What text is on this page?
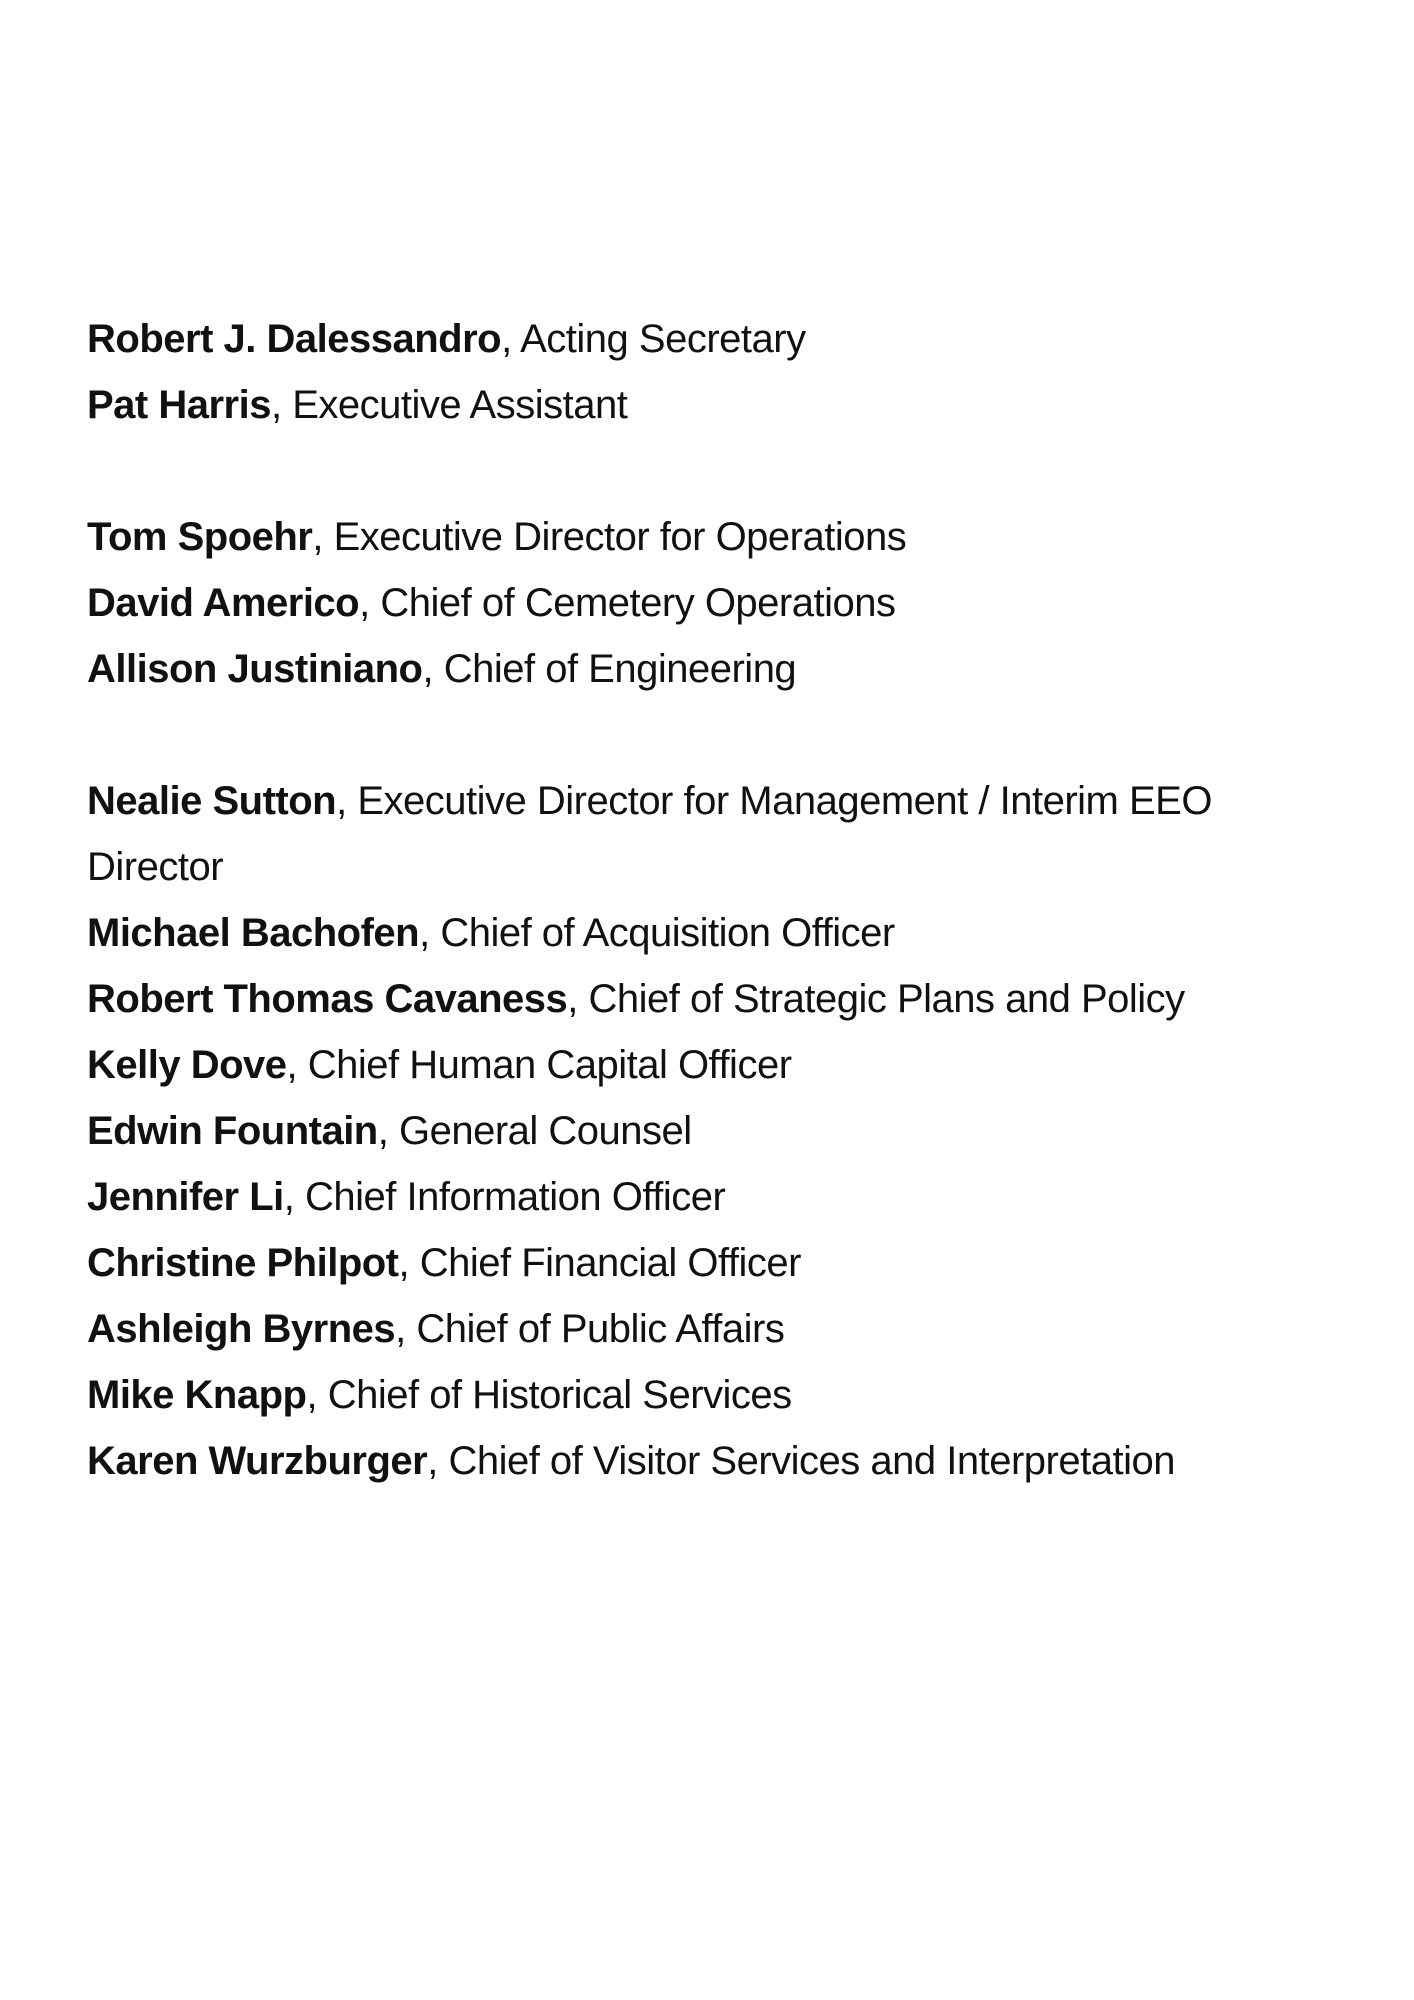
Robert J. Dalessandro, Acting Secretary

Pat Harris, Executive Assistant

Tom Spoehr, Executive Director for Operations

David Americo, Chief of Cemetery Operations

Allison Justiniano, Chief of Engineering

Nealie Sutton, Executive Director for Management / Interim EEO Director

Michael Bachofen, Chief of Acquisition Officer

Robert Thomas Cavaness, Chief of Strategic Plans and Policy

Kelly Dove, Chief Human Capital Officer

Edwin Fountain, General Counsel

Jennifer Li, Chief Information Officer

Christine Philpot, Chief Financial Officer

Ashleigh Byrnes, Chief of Public Affairs

Mike Knapp, Chief of Historical Services

Karen Wurzburger, Chief of Visitor Services and Interpretation
